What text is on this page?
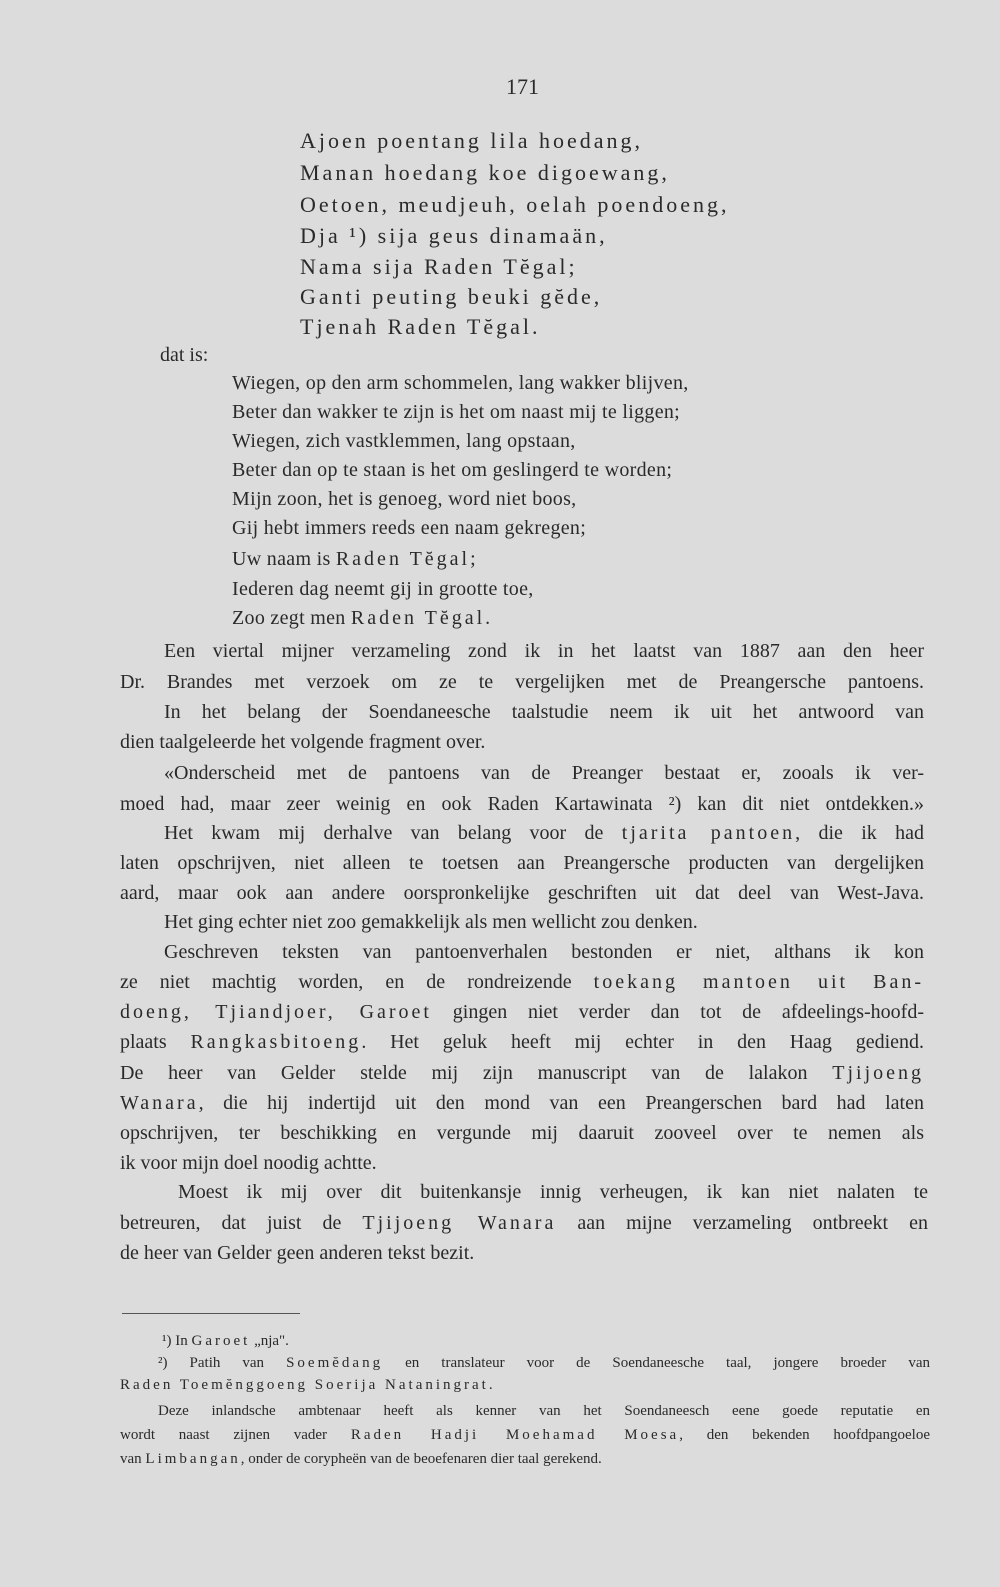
171
Ajoen poentang lila hoedang,
Manan hoedang koe digoewang,
Oetoen, meudjeuh, oelah poendoeng,
Dja ¹) sija geus dinamaän,
Nama sija Raden Tĕgal;
Ganti peuting beuki gĕde,
Tjenah Raden Tĕgal.
dat is:
Wiegen, op den arm schommelen, lang wakker blijven,
Beter dan wakker te zijn is het om naast mij te liggen;
Wiegen, zich vastklemmen, lang opstaan,
Beter dan op te staan is het om geslingerd te worden;
Mijn zoon, het is genoeg, word niet boos,
Gij hebt immers reeds een naam gekregen;
Uw naam is Raden Tĕgal;
Iederen dag neemt gij in grootte toe,
Zoo zegt men Raden Tĕgal.
Een viertal mijner verzameling zond ik in het laatst van 1887 aan den heer
Dr. Brandes met verzoek om ze te vergelijken met de Preangersche pantoens.
In het belang der Soendaneesche taalstudie neem ik uit het antwoord van
dien taalgeleerde het volgende fragment over.
«Onderscheid met de pantoens van de Preanger bestaat er, zooals ik ver-
moed had, maar zeer weinig en ook Raden Kartawinata ²) kan dit niet ontdekken.»
Het kwam mij derhalve van belang voor de tjarita pantoen, die ik had
laten opschrijven, niet alleen te toetsen aan Preangersche producten van dergelijken
aard, maar ook aan andere oorspronkelijke geschriften uit dat deel van West-Java.
Het ging echter niet zoo gemakkelijk als men wellicht zou denken.
Geschreven teksten van pantoenverhalen bestonden er niet, althans ik kon
ze niet machtig worden, en de rondreizende toekang mantoen uit Ban-
doeng, Tjiandjoer, Garoet gingen niet verder dan tot de afdeelings-hoofd-
plaats Rangkasbitoeng. Het geluk heeft mij echter in den Haag gediend.
De heer van Gelder stelde mij zijn manuscript van de lalakon Tjijoeng
Wanara, die hij indertijd uit den mond van een Preangerschen bard had laten
opschrijven, ter beschikking en vergunde mij daaruit zooveel over te nemen als
ik voor mijn doel noodig achtte.
Moest ik mij over dit buitenkansje innig verheugen, ik kan niet nalaten te
betreuren, dat juist de Tjijoeng Wanara aan mijne verzameling ontbreekt en
de heer van Gelder geen anderen tekst bezit.
¹) In Garoet „nja".
²) Patih van Soemĕdang en translateur voor de Soendaneesche taal, jongere broeder van
Raden Toemĕnggoeng Soerija Nataningrat.
Deze inlandsche ambtenaar heeft als kenner van het Soendaneesch eene goede reputatie en
wordt naast zijnen vader Raden Hadji Moehamad Moesa, den bekenden hoofdpangoeloe
van Limbangan, onder de corypheën van de beoefenaren dier taal gerekend.
